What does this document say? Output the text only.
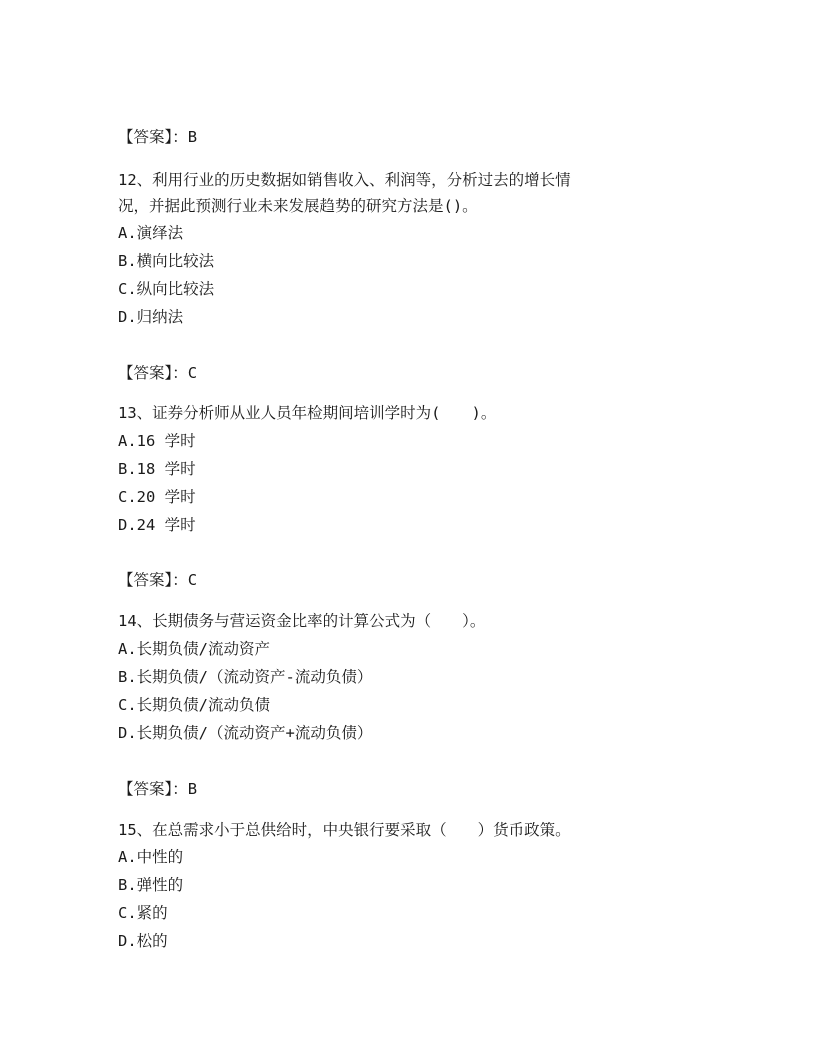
【答案】：B

12、利用行业的历史数据如销售收入、利润等，分析过去的增长情

况，并据此预测行业未来发展趋势的研究方法是()。

A.演绎法

B.横向比较法

C.纵向比较法

D.归纳法

【答案】：C

13、证券分析师从业人员年检期间培训学时为(　　)。

A.16 学时

B.18 学时

C.20 学时

D.24 学时

【答案】：C

14、长期债务与营运资金比率的计算公式为（　　）。

A.长期负债/流动资产

B.长期负债/（流动资产-流动负债）

C.长期负债/流动负债

D.长期负债/（流动资产+流动负债）

【答案】：B

15、在总需求小于总供给时，中央银行要采取（　　）货币政策。

A.中性的

B.弹性的

C.紧的

D.松的
